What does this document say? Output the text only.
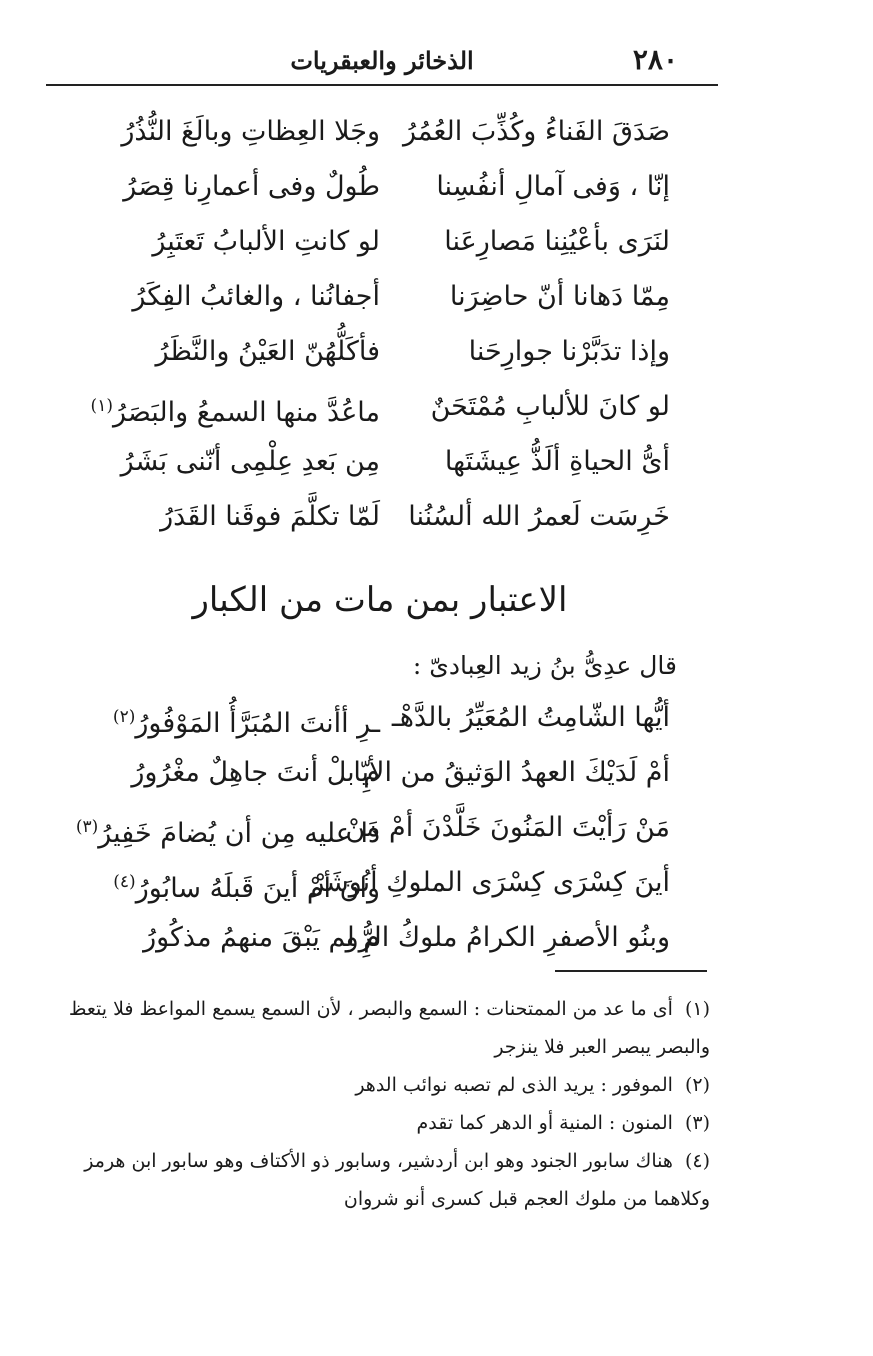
٢٨٠
الذخائر والعبقريات
صَدَقَ الفَناءُ وكُذِّبَ العُمُرُ
وجَلا العِظاتِ وبالَغَ النُّذُرُ
إنّا ، وَفى آمالِ أنفُسِنا
طُولٌ وفى أعمارِنا قِصَرُ
لنَرَى بأعْيُنِنا مَصارِعَنا
لو كانتِ الألبابُ تَعتَبِرُ
مِمّا دَهانا أنّ حاضِرَنا
أجفانُنا ، والغائبُ الفِكَرُ
وإذا تدَبَّرْنا جوارِحَنا
فأكَلُّهُنّ العَيْنُ والنَّظَرُ
لو كانَ للألبابِ مُمْتَحَنٌ
ماعُدَّ منها السمعُ والبَصَرُ$^{(١)}$
أىُّ الحياةِ ألَذُّ عِيشَتَها
مِن بَعدِ عِلْمِى أنّنى بَشَرُ
خَرِسَت لَعمرُ الله ألسُنُنا
لَمّا تكلَّمَ فوقَنا القَدَرُ
الاعتبار بمن مات من الكبار
قال عدِىُّ بنُ زيد العِبادىّ :
أيُّها الشّامِتُ المُعَيِّرُ بالدَّهْـ
ـرِ أأنتَ المُبَرَّأُ المَوْفُورُ$^{(٢)}$
أمْ لَدَيْكَ العهدُ الوَثيقُ من الأيّا
مِ بلْ أنتَ جاهِلٌ مغْرُورُ
مَنْ رَأيْتَ المَنُونَ خَلَّدْنَ أمْ مَنْ
ذا عليه مِن أن يُضامَ خَفِيرُ$^{(٣)}$
أينَ كِسْرَى كِسْرَى الملوكِ أنُوشَرْ
وانَ أمْ أينَ قَبلَهُ سابُورُ$^{(٤)}$
وبنُو الأصفرِ الكرامُ ملوكُ الرُّو
مِ لم يَبْقَ منهمُ مذكُورُ

(١) أى ما عد من الممتحنات : السمع والبصر ، لأن السمع يسمع المواعظ فلا يتعظ والبصر يبصر العبر فلا ينزجر

(٢) الموفور : يريد الذى لم تصبه نوائب الدهر

(٣) المنون : المنية أو الدهر كما تقدم

(٤) هناك سابور الجنود وهو ابن أردشير، وسابور ذو الأكتاف وهو سابور ابن هرمز وكلاهما من ملوك العجم قبل كسرى أنو شروان
